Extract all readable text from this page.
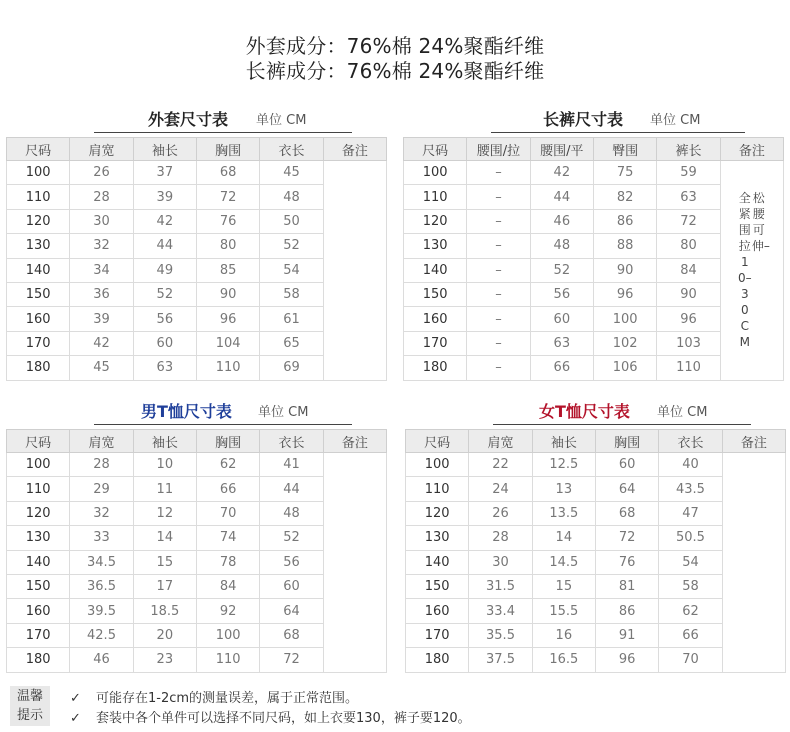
外套成分：76%棉 24%聚酯纤维
长裤成分：76%棉 24%聚酯纤维
外套尺寸表 单位 CM
尺码	肩宽	袖长	胸围	衣长	备注
100	26	37	68	45	
110	28	39	72	48	
120	30	42	76	50	
130	32	44	80	52	
140	34	49	85	54	
150	36	52	90	58	
160	39	56	96	61	
170	42	60	104	65	
180	45	63	110	69	
长裤尺寸表 单位 CM
尺码	腰围/拉	腰围/平	臀围	裤长	备注
100	–	42	75	59	全紧围拉10–30CM松腰可伸–
110	–	44	82	63	
120	–	46	86	72	
130	–	48	88	80	
140	–	52	90	84	
150	–	56	96	90	
160	–	60	100	96	
170	–	63	102	103	
180	–	66	106	110	
男T恤尺寸表 单位 CM
尺码	肩宽	袖长	胸围	衣长	备注
100	28	10	62	41	
110	29	11	66	44	
120	32	12	70	48	
130	33	14	74	52	
140	34.5	15	78	56	
150	36.5	17	84	60	
160	39.5	18.5	92	64	
170	42.5	20	100	68	
180	46	23	110	72	
女T恤尺寸表 单位 CM
尺码	肩宽	袖长	胸围	衣长	备注
100	22	12.5	60	40	
110	24	13	64	43.5	
120	26	13.5	68	47	
130	28	14	72	50.5	
140	30	14.5	76	54	
150	31.5	15	81	58	
160	33.4	15.5	86	62	
170	35.5	16	91	66	
180	37.5	16.5	96	70	
温馨
提示
✓ 可能存在1-2cm的测量误差，属于正常范围。
✓ 套装中各个单件可以选择不同尺码，如上衣要130，裤子要120。
